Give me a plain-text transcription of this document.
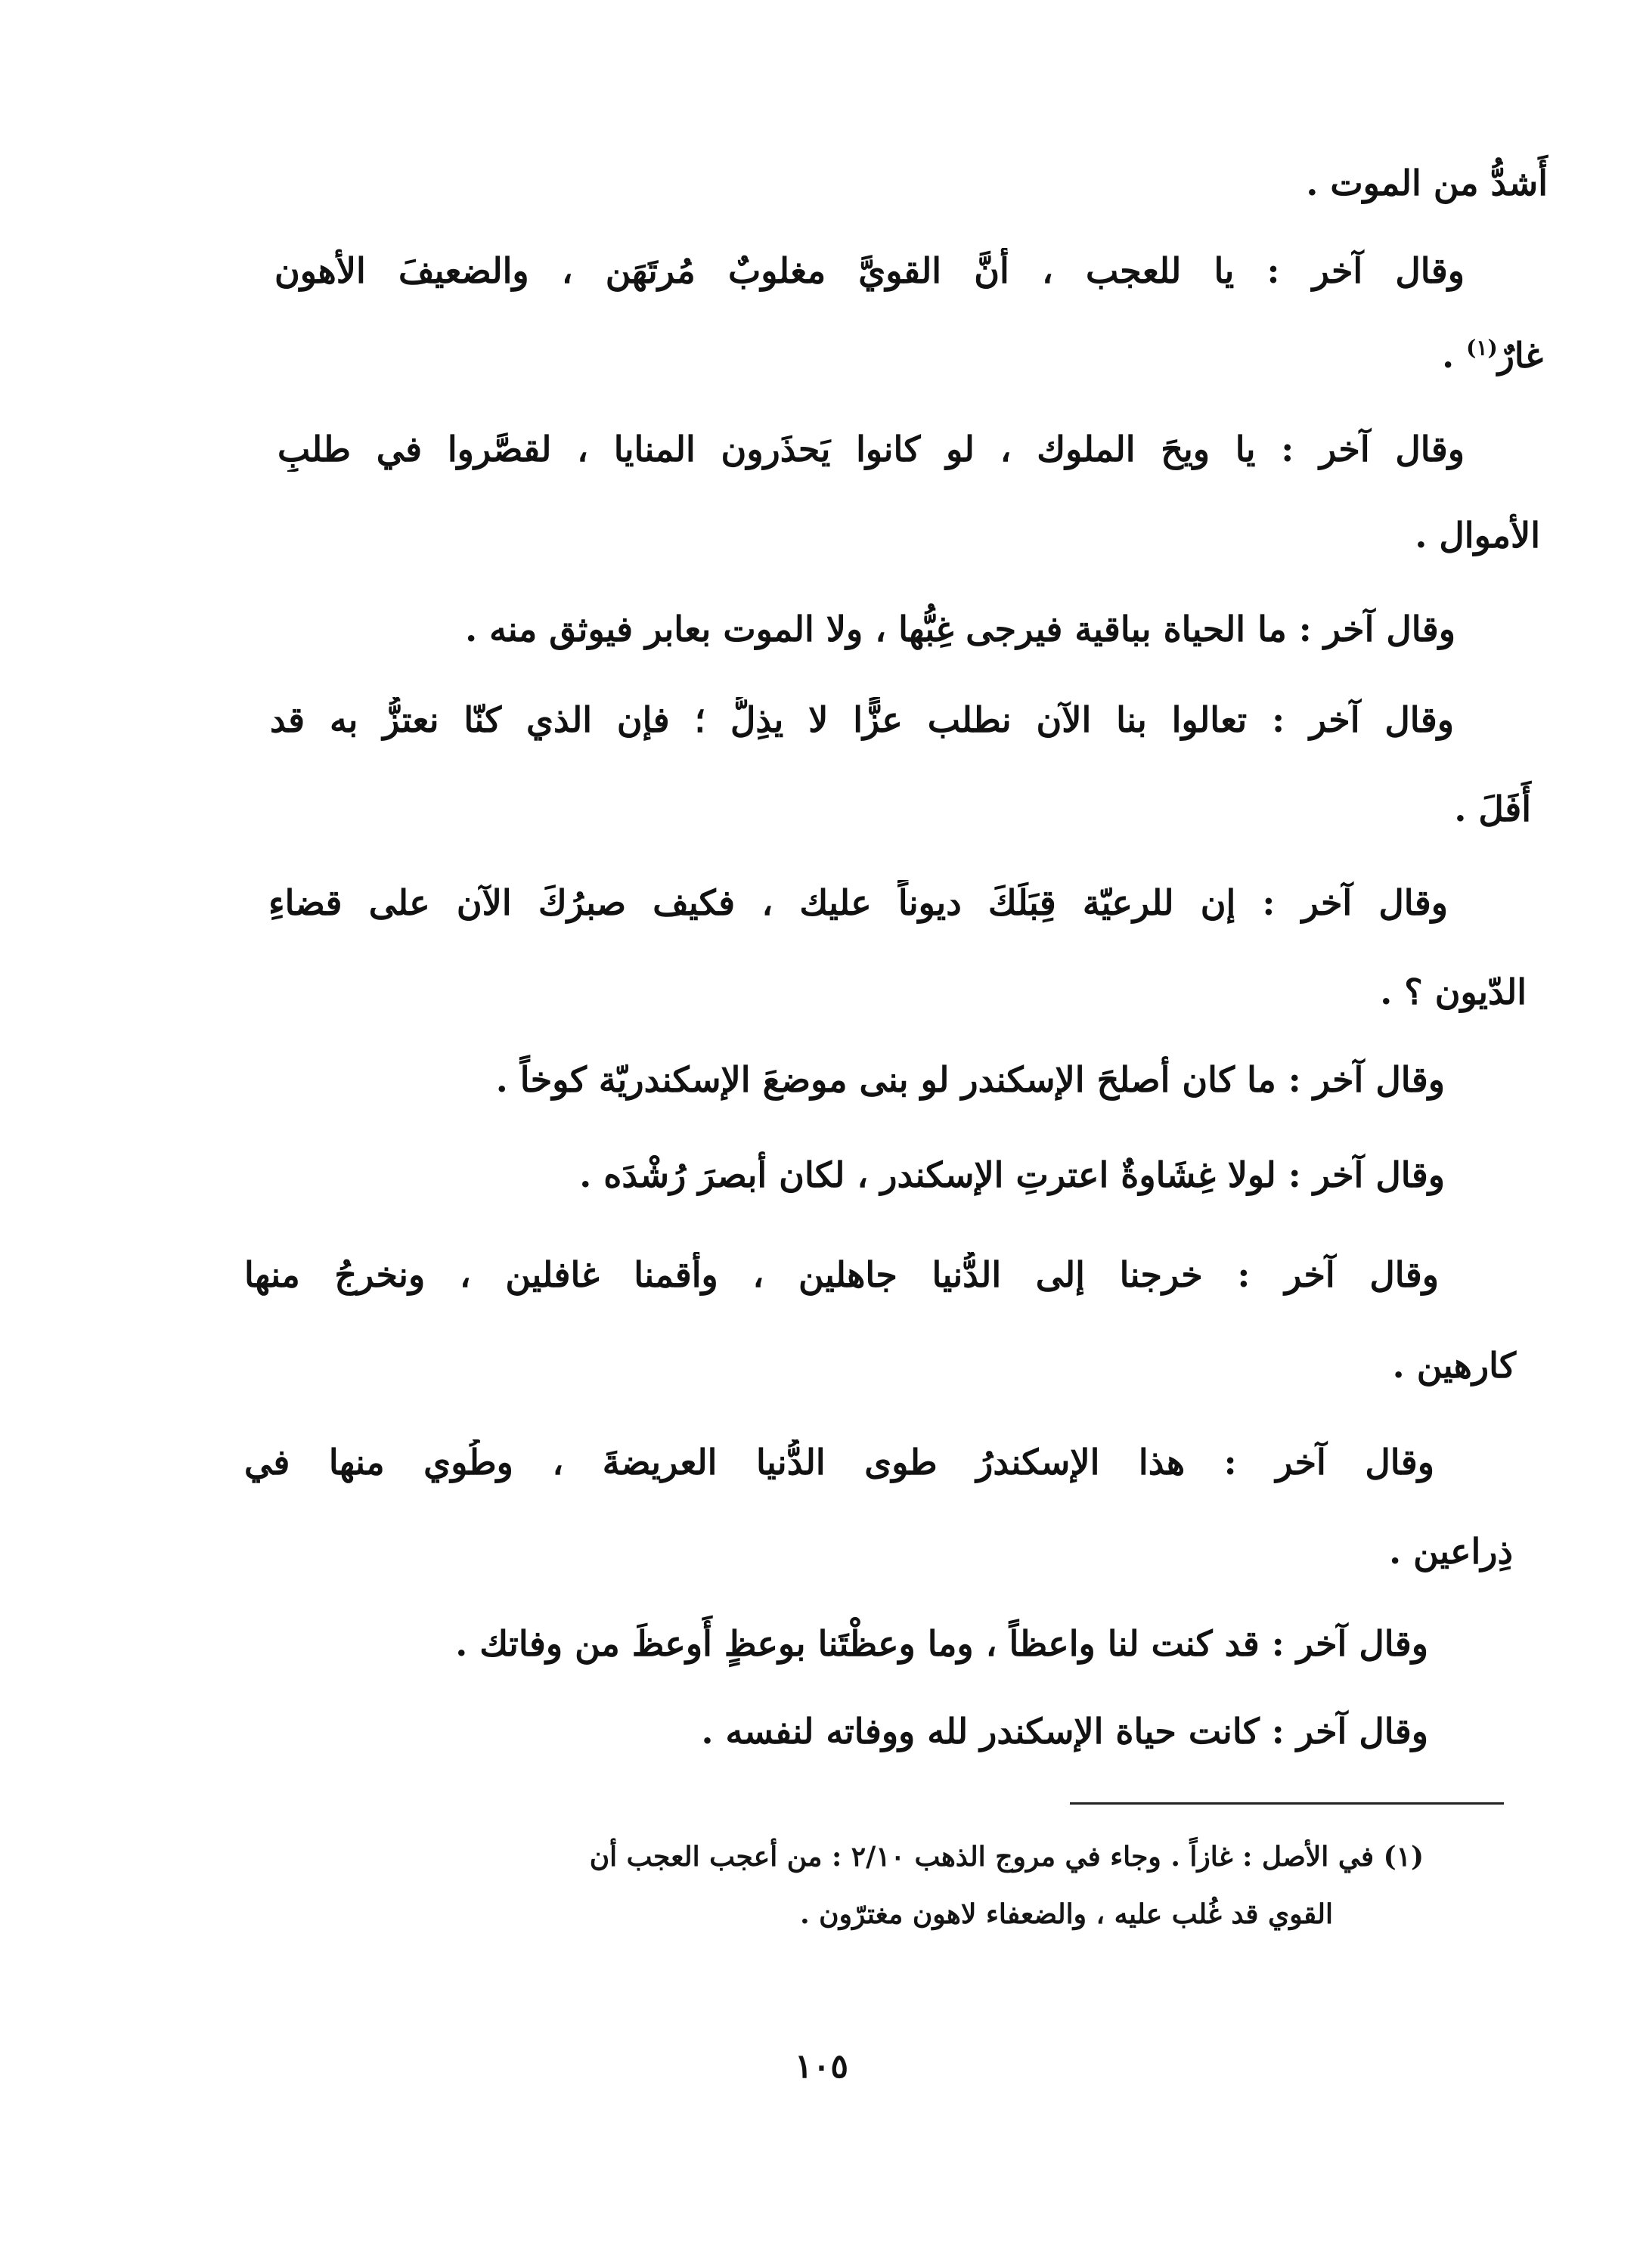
أَشدُّ من الموت .
وقال آخر : يا للعجب ، أَنَّ القويَّ مغلوبٌ مُرتَهَن ، والضعيفَ الأهون
غارٌ$^{(١)}$ .
وقال آخر : يا ويحَ الملوك ، لو كانوا يَحذَرون المنايا ، لقصَّروا في طلبِ
الأموال .
وقال آخر : ما الحياة بباقية فيرجى غِبُّها ، ولا الموت بعابر فيوثق منه .
وقال آخر : تعالوا بنا الآن نطلب عزًّا لا يذِلُّ ؛ فإن الذي كنّا نعتزُّ به قد
أَفَلَ .
وقال آخر : إن للرعيّة قِبَلَكَ ديوناً عليك ، فكيف صبرُكَ الآن على قضاءِ
الدّيون ؟ .
وقال آخر : ما كان أصلحَ الإسكندر لو بنى موضعَ الإسكندريّة كوخاً .
وقال آخر : لولا غِشَاوةٌ اعترتِ الإسكندر ، لكان أبصرَ رُشْدَه .
وقال آخر : خرجنا إلى الدُّنيا جاهلين ، وأقمنا غافلين ، ونخرجُ منها
كارهين .
وقال آخر : هذا الإسكندرُ طوى الدُّنيا العريضةَ ، وطُوي منها في
ذِراعين .
وقال آخر : قد كنت لنا واعظاً ، وما وعظْتَنا بوعظٍ أَوعظَ من وفاتك .
وقال آخر : كانت حياة الإسكندر لله ووفاته لنفسه .
(١) في الأصل : غازاً . وجاء في مروج الذهب ٢/١٠ : من أعجب العجب أن
القوي قد غُلب عليه ، والضعفاء لاهون مغترّون .
١٠٥
